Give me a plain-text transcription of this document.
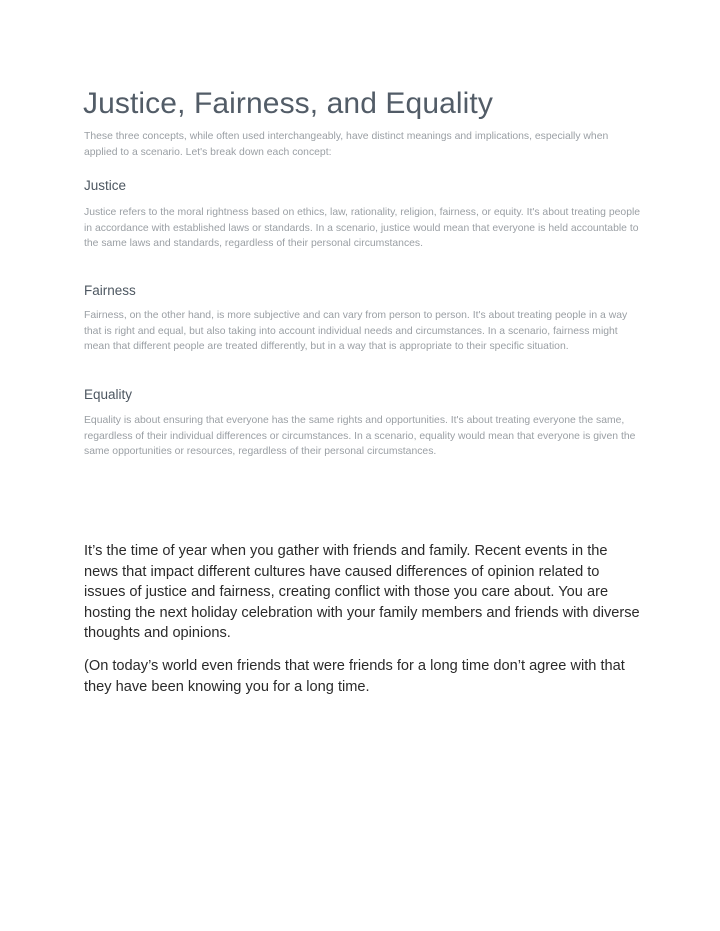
Justice, Fairness, and Equality

These three concepts, while often used interchangeably, have distinct meanings and implications, especially when applied to a scenario. Let's break down each concept:

Justice

Justice refers to the moral rightness based on ethics, law, rationality, religion, fairness, or equity. It's about treating people in accordance with established laws or standards. In a scenario, justice would mean that everyone is held accountable to the same laws and standards, regardless of their personal circumstances.

Fairness

Fairness, on the other hand, is more subjective and can vary from person to person. It's about treating people in a way that is right and equal, but also taking into account individual needs and circumstances. In a scenario, fairness might mean that different people are treated differently, but in a way that is appropriate to their specific situation.

Equality

Equality is about ensuring that everyone has the same rights and opportunities. It's about treating everyone the same, regardless of their individual differences or circumstances. In a scenario, equality would mean that everyone is given the same opportunities or resources, regardless of their personal circumstances.

It’s the time of year when you gather with friends and family. Recent events in the news that impact different cultures have caused differences of opinion related to issues of justice and fairness, creating conflict with those you care about. You are hosting the next holiday celebration with your family members and friends with diverse thoughts and opinions.

(On today’s world even friends that were friends for a long time don’t agree with that they have been knowing you for a long time.
